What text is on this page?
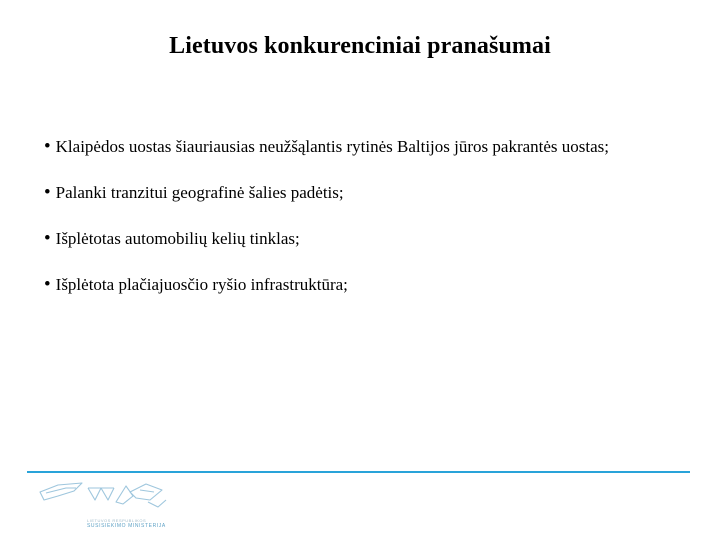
Lietuvos konkurenciniai pranašumai
• Klaipėdos uostas šiauriausias neužšąlantis rytinės Baltijos jūros pakrantės uostas;
• Palanki tranzitui geografinė šalies padėtis;
• Išplėtotas automobilių kelių tinklas;
• Išplėtota plačiajuosčio ryšio infrastruktūra;
LIETUVOS RESPUBLIKOS
SUSISIEKIMO MINISTERIJA
